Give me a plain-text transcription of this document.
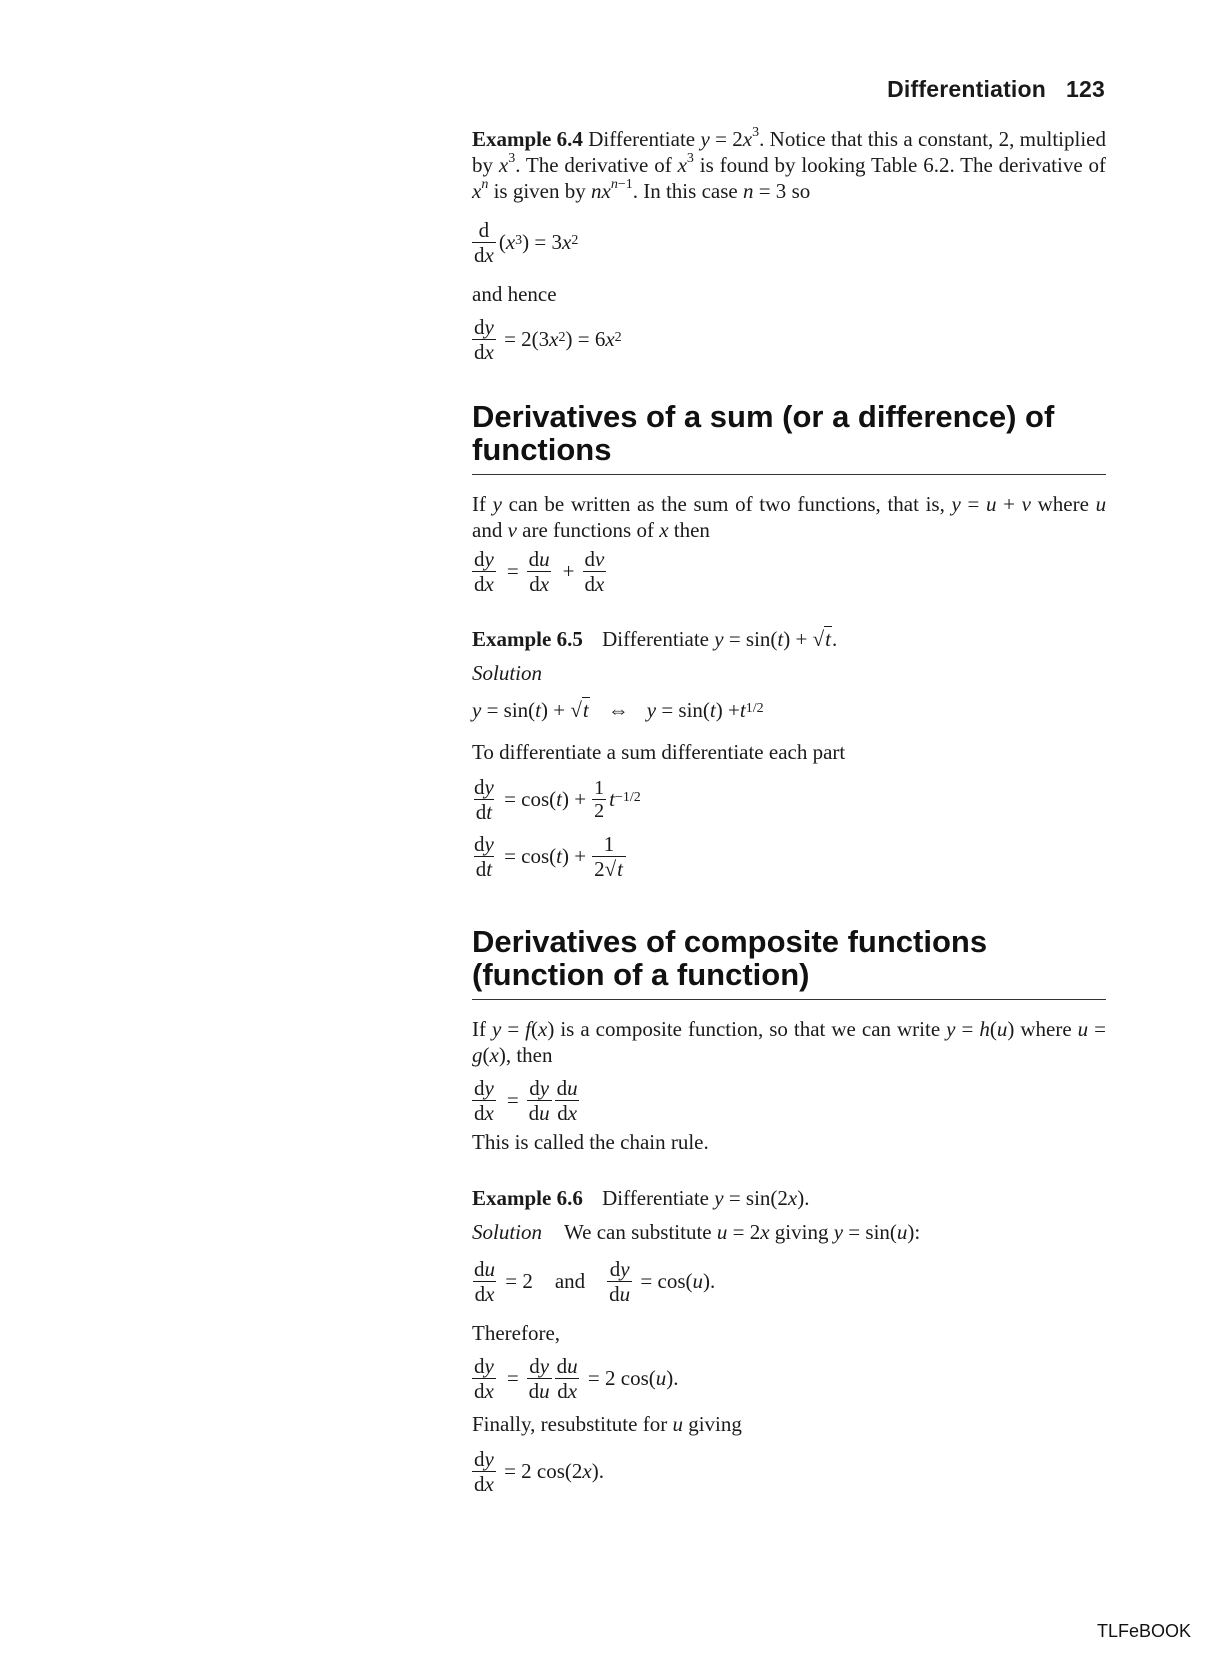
Differentiation 123

Example 6.4 Differentiate $y = 2x^3$. Notice that this a constant, 2, multiplied by $x^3$. The derivative of $x^3$ is found by looking Table 6.2. The derivative of $x^n$ is given by $nx^{n-1}$. In this case n = 3 so

$\frac{d}{dx}$ ( $x^3$ ) = 3 $x^2$

and hence

$\frac{dy}{dx} = 2(3$ $x^2$ ) = 6 $x^2$
Derivatives of a sum (or a difference) of functions

If y can be written as the sum of two functions, that is, y = u + v where u and v are functions of x then

$\frac{dy}{dx} = \frac{du}{dx} + \frac{dv}{dx}$

Example 6.5 Differentiate y = sin(t) + √t.

Solution

y = sin( t ) + √t ⇔ y = sin( t ) + $t^{1/2}$

To differentiate a sum differentiate each part

$\frac{dy}{dt} = \cos$( t ) + $\frac{1}{2} t^{-1/2}$
$\frac{dy}{dt} = \cos$( t ) + $\frac{1}{2√t}$
Derivatives of composite functions (function of a function)

If y = f(x) is a composite function, so that we can write y = h(u) where u = g(x), then

$\frac{dy}{dx} = \frac{dy}{du} \frac{du}{dx}$

This is called the chain rule.

Example 6.6 Differentiate y = sin(2x).

Solution We can substitute u = 2x giving y = sin(u):

$\frac{du}{dx} = 2$ and $\frac{dy}{du} = \cos$( u ).

Therefore,

$\frac{dy}{dx} = \frac{dy}{du} \frac{du}{dx} = 2$ cos( u ).

Finally, resubstitute for u giving

$\frac{dy}{dx} = 2$ cos(2 x ).
TLFeBOOK
